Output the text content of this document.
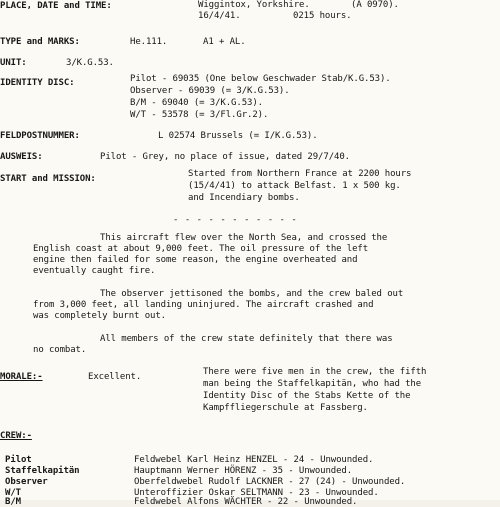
PLACE, DATE and TIME:	Wiggintox, Yorkshire.	(A 0970).
16/4/41.	0215 hours.
TYPE and MARKS:	He.111.	A1 + AL.
UNIT:	3/K.G.53.
IDENTITY DISC:	Pilot - 69035 (One below Geschwader Stab/K.G.53).
Observer - 69039 (= 3/K.G.53).
B/M - 69040 (= 3/K.G.53).
W/T - 53578 (= 3/Fl.Gr.2).
FELDPOSTNUMMER:	L 02574 Brussels (= I/K.G.53).
AUSWEIS:	Pilot - Grey, no place of issue, dated 29/7/40.
START and MISSION:	Started from Northern France at 2200 hours
(15/4/41) to attack Belfast. 1 x 500 kg.
and Incendiary bombs.
- - - - - - - - - - -
This aircraft flew over the North Sea, and crossed the
English coast at about 9,000 feet. The oil pressure of the left
engine then failed for some reason, the engine overheated and
eventually caught fire.
The observer jettisoned the bombs, and the crew baled out
from 3,000 feet, all landing uninjured. The aircraft crashed and
was completely burnt out.
All members of the crew state definitely that there was
no combat.
MORALE:-	Excellent.	There were five men in the crew, the fifth
man being the Staffelkapitän, who had the
Identity Disc of the Stabs Kette of the
Kampffliegerschule at Fassberg.
CREW:-
Pilot	Feldwebel Karl Heinz HENZEL - 24 - Unwounded.
Staffelkapitän	Hauptmann Werner HÖRENZ - 35 - Unwounded.
Observer	Oberfeldwebel Rudolf LACKNER - 27 (24) - Unwounded.
W/T	Unteroffizier Oskar SELTMANN - 23 - Unwounded.
B/M	Feldwebel Alfons WÄCHTER - 22 - Unwounded.
